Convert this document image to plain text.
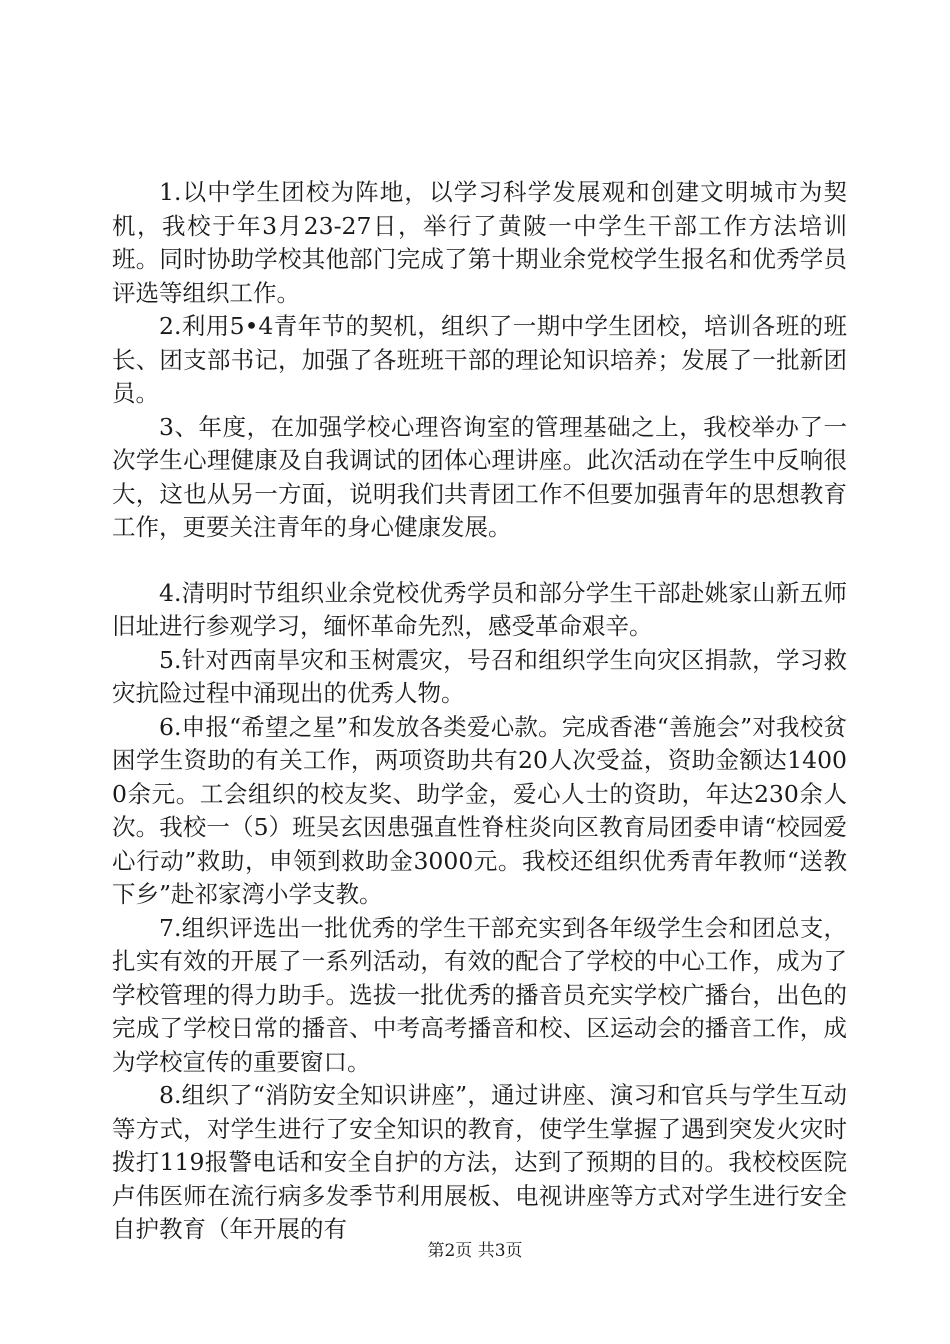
1.以中学生团校为阵地，以学习科学发展观和创建文明城市为契机，我校于年3月23-27日，举行了黄陂一中学生干部工作方法培训班。同时协助学校其他部门完成了第十期业余党校学生报名和优秀学员评选等组织工作。

2.利用5•4青年节的契机，组织了一期中学生团校，培训各班的班长、团支部书记，加强了各班班干部的理论知识培养；发展了一批新团员。

3、年度，在加强学校心理咨询室的管理基础之上，我校举办了一次学生心理健康及自我调试的团体心理讲座。此次活动在学生中反响很大，这也从另一方面，说明我们共青团工作不但要加强青年的思想教育工作，更要关注青年的身心健康发展。

4.清明时节组织业余党校优秀学员和部分学生干部赴姚家山新五师旧址进行参观学习，缅怀革命先烈，感受革命艰辛。

5.针对西南旱灾和玉树震灾，号召和组织学生向灾区捐款，学习救灾抗险过程中涌现出的优秀人物。

6.申报“希望之星”和发放各类爱心款。完成香港“善施会”对我校贫困学生资助的有关工作，两项资助共有20人次受益，资助金额达14000余元。工会组织的校友奖、助学金，爱心人士的资助，年达230余人次。我校一（5）班吴玄因患强直性脊柱炎向区教育局团委申请“校园爱心行动”救助，申领到救助金3000元。我校还组织优秀青年教师“送教下乡”赴祁家湾小学支教。

7.组织评选出一批优秀的学生干部充实到各年级学生会和团总支，扎实有效的开展了一系列活动，有效的配合了学校的中心工作，成为了学校管理的得力助手。选拔一批优秀的播音员充实学校广播台，出色的完成了学校日常的播音、中考高考播音和校、区运动会的播音工作，成为学校宣传的重要窗口。

8.组织了“消防安全知识讲座”，通过讲座、演习和官兵与学生互动等方式，对学生进行了安全知识的教育，使学生掌握了遇到突发火灾时拨打119报警电话和安全自护的方法，达到了预期的目的。我校校医院卢伟医师在流行病多发季节利用展板、电视讲座等方式对学生进行安全自护教育（年开展的有

第2页 共3页
